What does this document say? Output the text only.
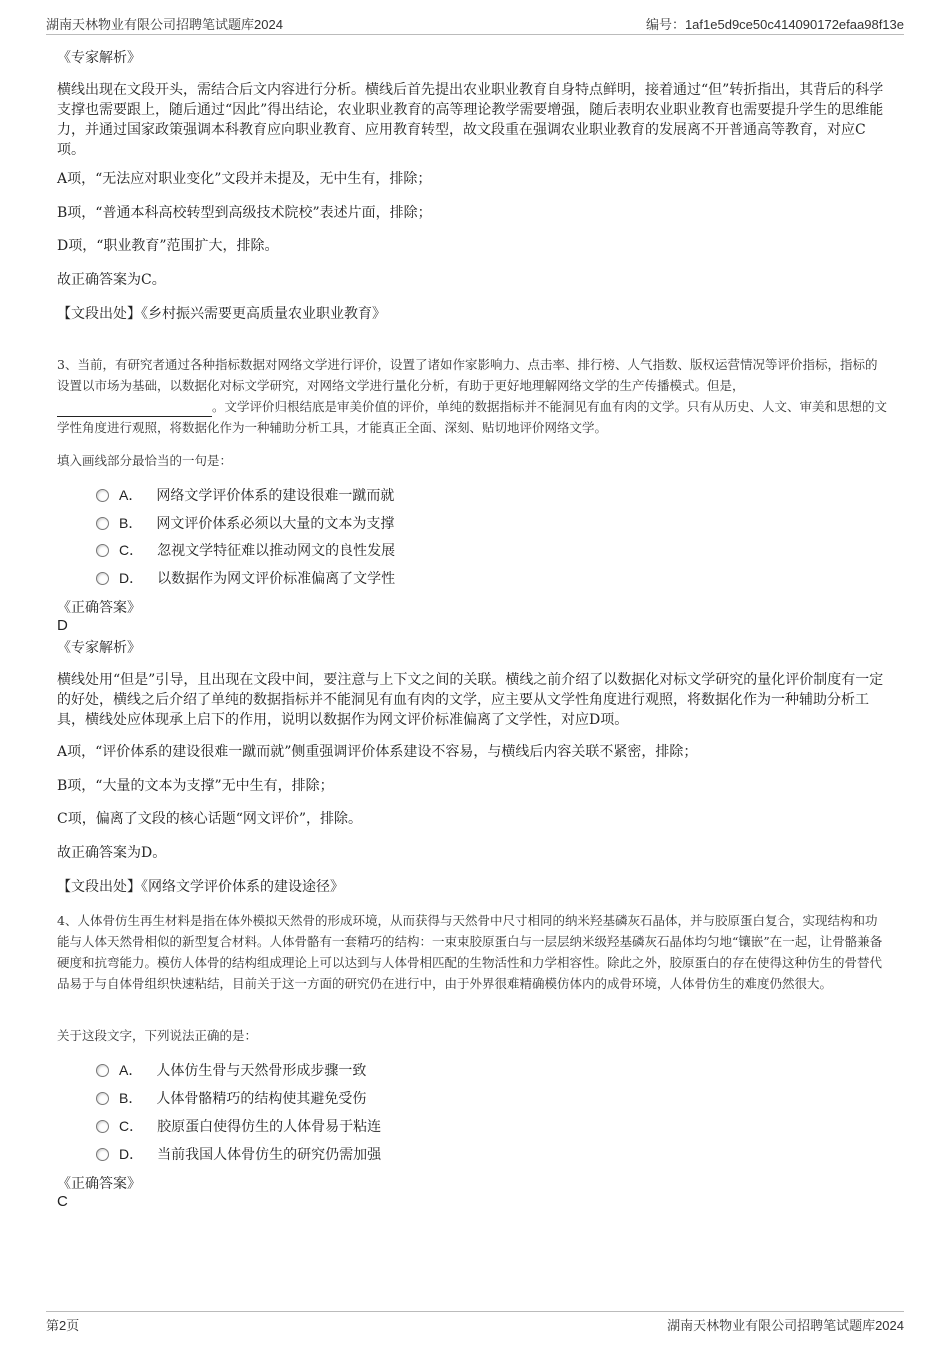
湖南天林物业有限公司招聘笔试题库2024	编号：1af1e5d9ce50c414090172efaa98f13e
《专家解析》
横线出现在文段开头，需结合后文内容进行分析。横线后首先提出农业职业教育自身特点鲜明，接着通过“但”转折指出，其背后的科学支撑也需要跟上，随后通过“因此”得出结论，农业职业教育的高等理论教学需要增强，随后表明农业职业教育也需要提升学生的思维能力，并通过国家政策强调本科教育应向职业教育、应用教育转型，故文段重在强调农业职业教育的发展离不开普通高等教育，对应C项。
A项，“无法应对职业变化”文段并未提及，无中生有，排除；
B项，“普通本科高校转型到高级技术院校”表述片面，排除；
D项，“职业教育”范围扩大，排除。
故正确答案为C。
【文段出处】《乡村振兴需要更高质量农业职业教育》
3、当前，有研究者通过各种指标数据对网络文学进行评价，设置了诸如作家影响力、点击率、排行榜、人气指数、版权运营情况等评价指标，指标的设置以市场为基础，以数据化对标文学研究，对网络文学进行量化分析，有助于更好地理解网络文学的生产传播模式。但是，。文学评价归根结底是审美价值的评价，单纯的数据指标并不能洞见有血有肉的文学。只有从历史、人文、审美和思想的文学性角度进行观照，将数据化作为一种辅助分析工具，才能真正全面、深刻、贴切地评价网络文学。
填入画线部分最恰当的一句是：
A． 网络文学评价体系的建设很难一蹴而就
B． 网文评价体系必须以大量的文本为支撑
C． 忽视文学特征难以推动网文的良性发展
D． 以数据作为网文评价标准偏离了文学性
《正确答案》
D
《专家解析》
横线处用“但是”引导，且出现在文段中间，要注意与上下文之间的关联。横线之前介绍了以数据化对标文学研究的量化评价制度有一定的好处，横线之后介绍了单纯的数据指标并不能洞见有血有肉的文学，应主要从文学性角度进行观照，将数据化作为一种辅助分析工具，横线处应体现承上启下的作用，说明以数据作为网文评价标准偏离了文学性，对应D项。
A项，“评价体系的建设很难一蹴而就”侧重强调评价体系建设不容易，与横线后内容关联不紧密，排除；
B项，“大量的文本为支撑”无中生有，排除；
C项，偏离了文段的核心话题“网文评价”，排除。
故正确答案为D。
【文段出处】《网络文学评价体系的建设途径》
4、人体骨仿生再生材料是指在体外模拟天然骨的形成环境，从而获得与天然骨中尺寸相同的纳米羟基磷灰石晶体，并与胶原蛋白复合，实现结构和功能与人体天然骨相似的新型复合材料。人体骨骼有一套精巧的结构：一束束胶原蛋白与一层层纳米级羟基磷灰石晶体均匀地“镶嵌”在一起，让骨骼兼备硬度和抗弯能力。模仿人体骨的结构组成理论上可以达到与人体骨相匹配的生物活性和力学相容性。除此之外，胶原蛋白的存在使得这种仿生的骨替代品易于与自体骨组织快速粘结，目前关于这一方面的研究仍在进行中，由于外界很难精确模仿体内的成骨环境，人体骨仿生的难度仍然很大。
关于这段文字，下列说法正确的是：
A． 人体仿生骨与天然骨形成步骤一致
B． 人体骨骼精巧的结构使其避免受伤
C． 胶原蛋白使得仿生的人体骨易于粘连
D． 当前我国人体骨仿生的研究仍需加强
《正确答案》
C
第2页	湖南天林物业有限公司招聘笔试题库2024
